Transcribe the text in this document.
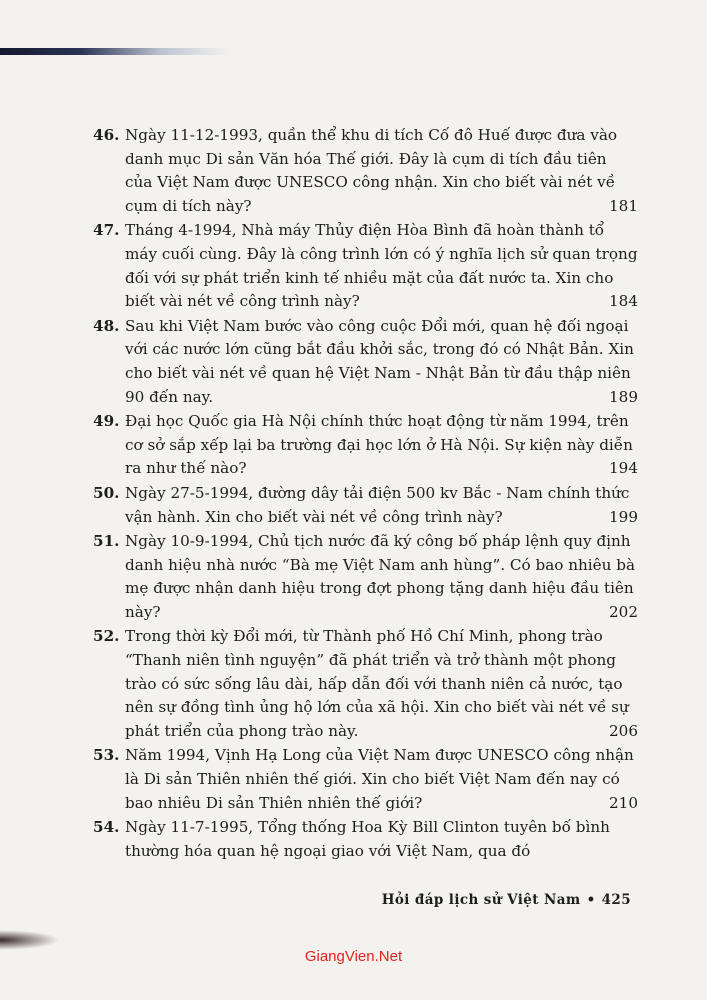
46. Ngày 11-12-1993, quần thể khu di tích Cố đô Huế được đưa vào danh mục Di sản Văn hóa Thế giới. Đây là cụm di tích đầu tiên của Việt Nam được UNESCO công nhận. Xin cho biết vài nét về cụm di tích này?	181
47. Tháng 4-1994, Nhà máy Thủy điện Hòa Bình đã hoàn thành tổ máy cuối cùng. Đây là công trình lớn có ý nghĩa lịch sử quan trọng đối với sự phát triển kinh tế nhiều mặt của đất nước ta. Xin cho biết vài nét về công trình này?	184
48. Sau khi Việt Nam bước vào công cuộc Đổi mới, quan hệ đối ngoại với các nước lớn cũng bắt đầu khởi sắc, trong đó có Nhật Bản. Xin cho biết vài nét về quan hệ Việt Nam - Nhật Bản từ đầu thập niên 90 đến nay.	189
49. Đại học Quốc gia Hà Nội chính thức hoạt động từ năm 1994, trên cơ sở sắp xếp lại ba trường đại học lớn ở Hà Nội. Sự kiện này diễn ra như thế nào?	194
50. Ngày 27-5-1994, đường dây tải điện 500 kv Bắc - Nam chính thức vận hành. Xin cho biết vài nét về công trình này?	199
51. Ngày 10-9-1994, Chủ tịch nước đã ký công bố pháp lệnh quy định danh hiệu nhà nước “Bà mẹ Việt Nam anh hùng”. Có bao nhiêu bà mẹ được nhận danh hiệu trong đợt phong tặng danh hiệu đầu tiên này?	202
52. Trong thời kỳ Đổi mới, từ Thành phố Hồ Chí Minh, phong trào “Thanh niên tình nguyện” đã phát triển và trở thành một phong trào có sức sống lâu dài, hấp dẫn đối với thanh niên cả nước, tạo nên sự đồng tình ủng hộ lớn của xã hội. Xin cho biết vài nét về sự phát triển của phong trào này.	206
53. Năm 1994, Vịnh Hạ Long của Việt Nam được UNESCO công nhận là Di sản Thiên nhiên thế giới. Xin cho biết Việt Nam đến nay có bao nhiêu Di sản Thiên nhiên thế giới?	210
54. Ngày 11-7-1995, Tổng thống Hoa Kỳ Bill Clinton tuyên bố bình thường hóa quan hệ ngoại giao với Việt Nam, qua đó
Hỏi đáp lịch sử Việt Nam • 425
GiangVien.Net
